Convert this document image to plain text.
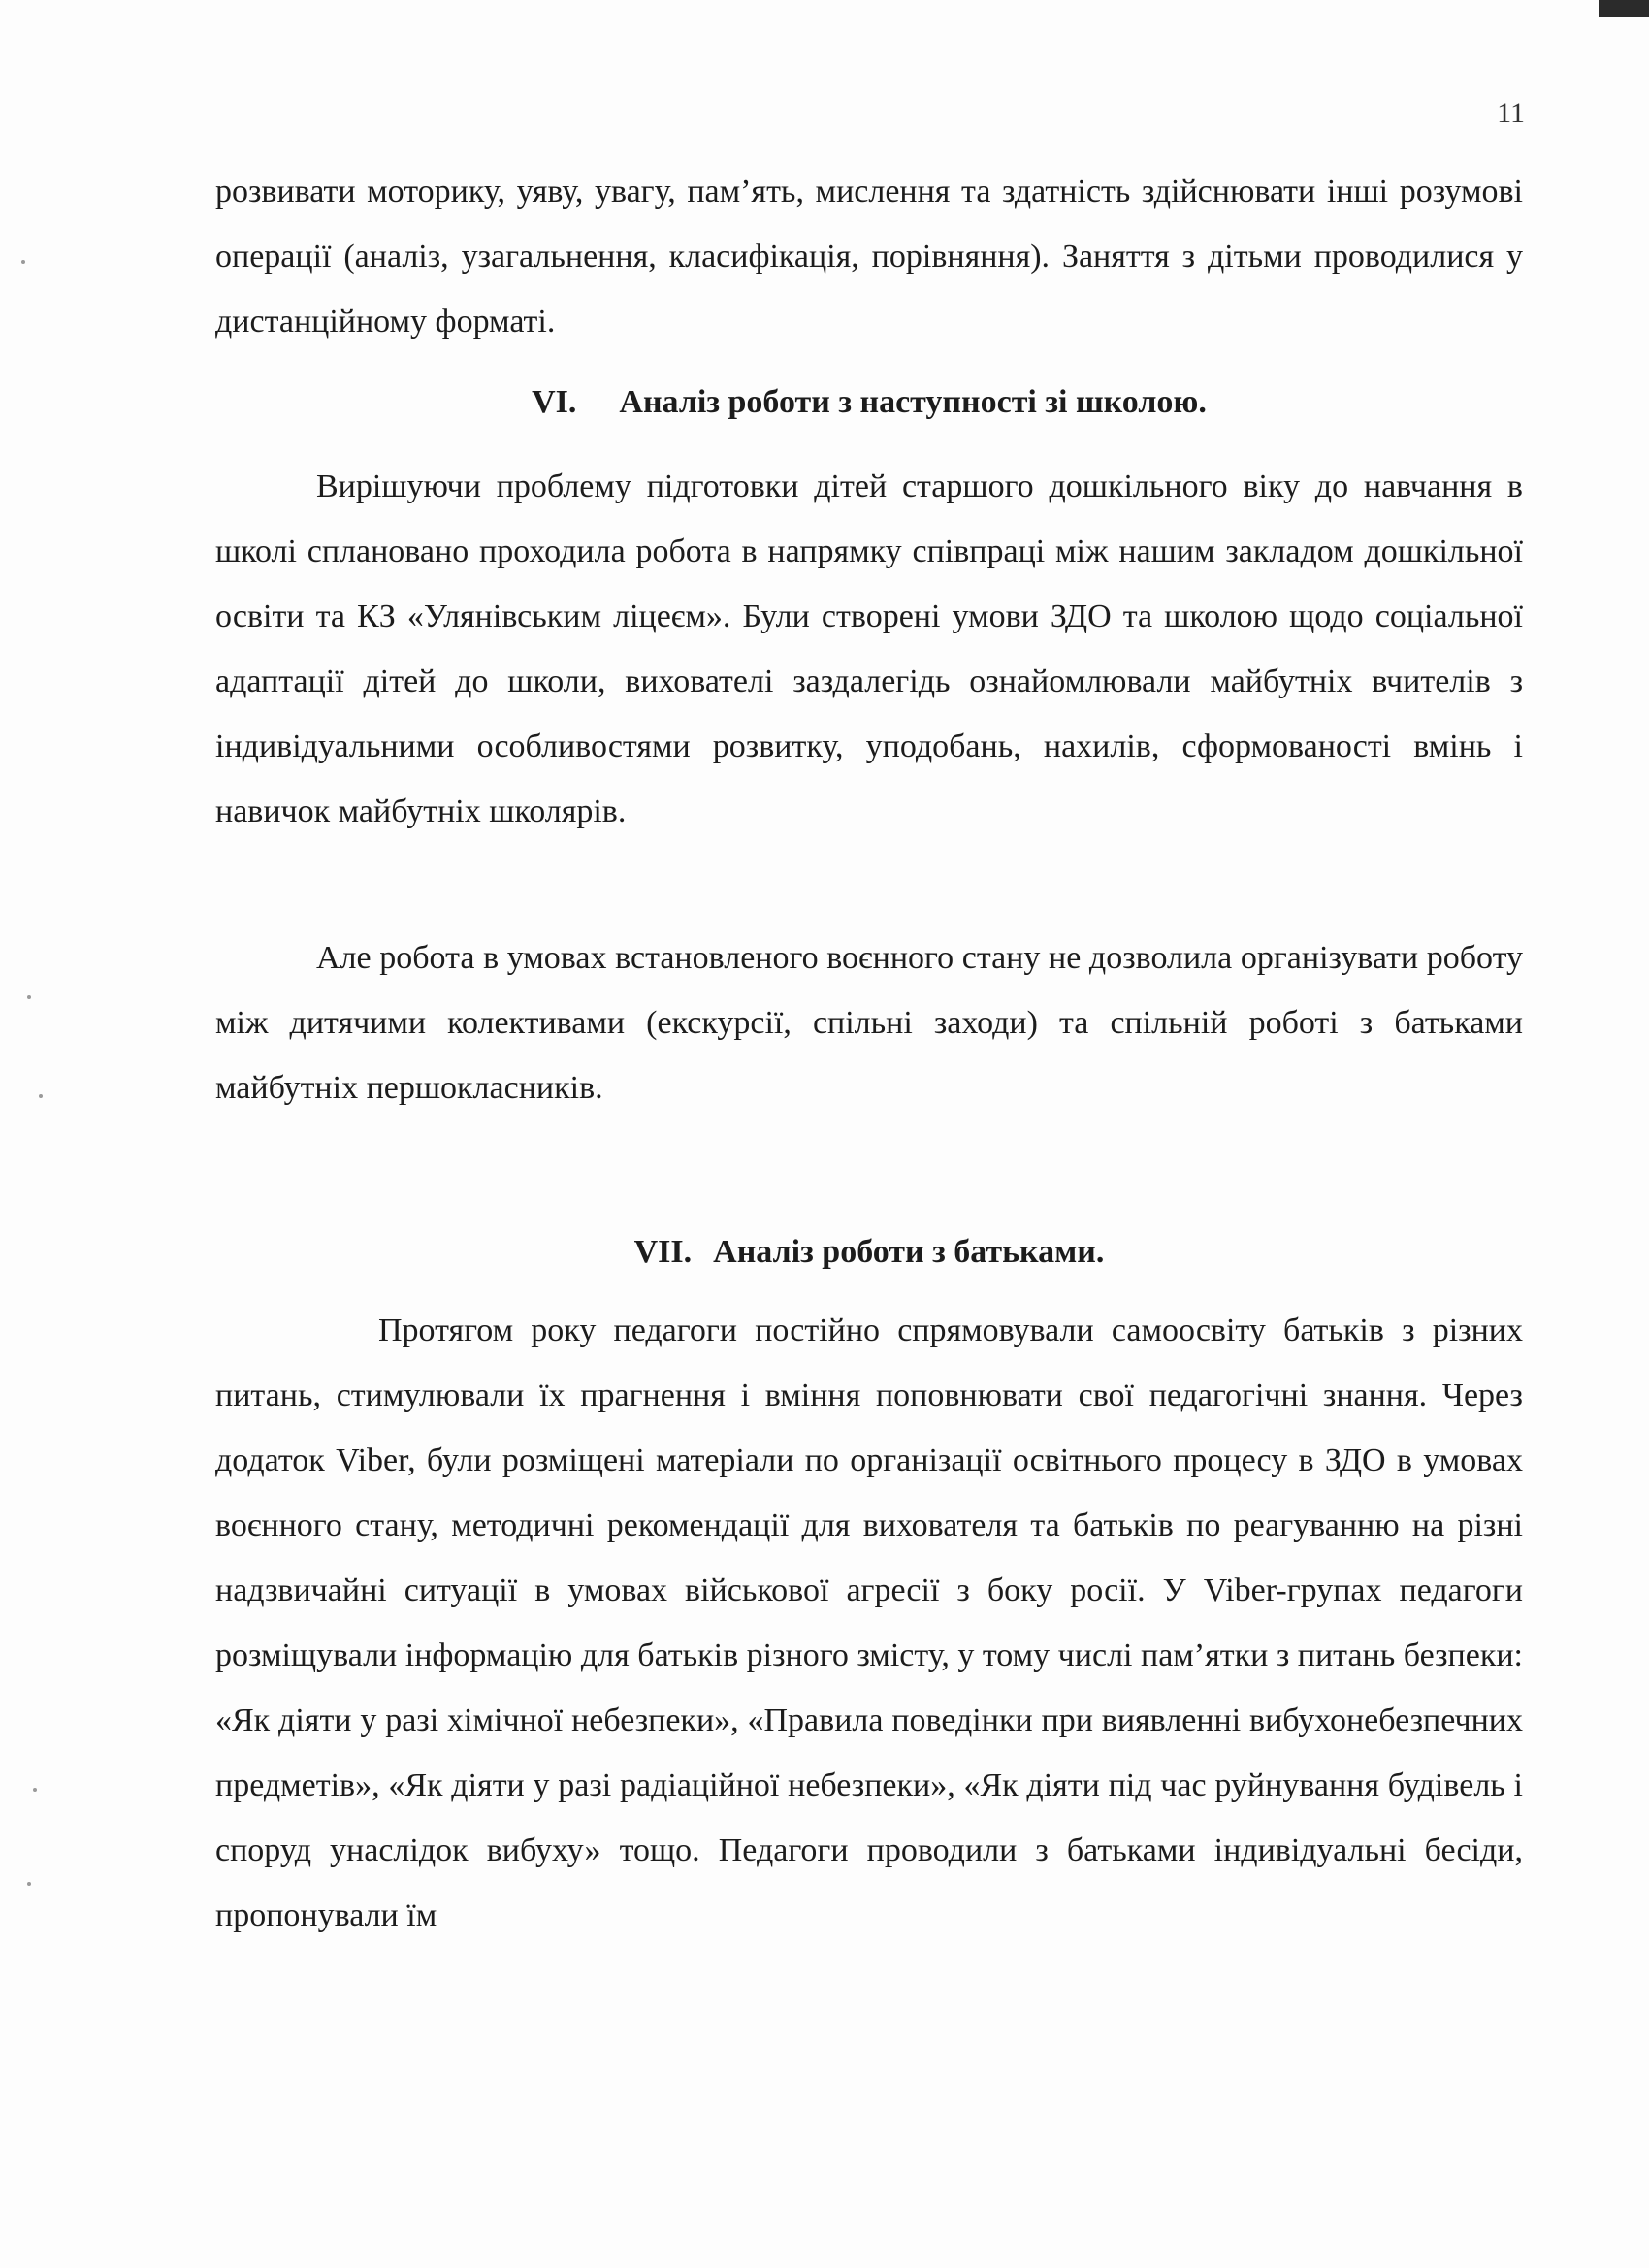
11

розвивати моторику, уяву, увагу, пам’ять, мислення та здатність здійснювати інші розумові операції (аналіз, узагальнення, класифікація, порівняння). Заняття з дітьми проводилися у дистанційному форматі.

VI. Аналіз роботи з наступності зі школою.

Вирішуючи проблему підготовки дітей старшого дошкільного віку до навчання в школі сплановано проходила робота в напрямку співпраці між нашим закладом дошкільної освіти та КЗ «Улянівським ліцеєм». Були створені умови ЗДО та школою щодо соціальної адаптації дітей до школи, вихователі заздалегідь ознайомлювали майбутніх вчителів з індивідуальними особливостями розвитку, уподобань, нахилів, сформованості вмінь і навичок майбутніх школярів.

Але робота в умовах встановленого воєнного стану не дозволила організувати роботу між дитячими колективами (екскурсії, спільні заходи) та спільній роботі з батьками майбутніх першокласників.

VII. Аналіз роботи з батьками.

Протягом року педагоги постійно спрямовували самоосвіту батьків з різних питань, стимулювали їх прагнення і вміння поповнювати свої педагогічні знання. Через додаток Viber, були розміщені матеріали по організації освітнього процесу в ЗДО в умовах воєнного стану, методичні рекомендації для вихователя та батьків по реагуванню на різні надзвичайні ситуації в умовах військової агресії з боку росії. У Viber-групах педагоги розміщували інформацію для батьків різного змісту, у тому числі пам’ятки з питань безпеки: «Як діяти у разі хімічної небезпеки», «Правила поведінки при виявленні вибухонебезпечних предметів», «Як діяти у разі радіаційної небезпеки», «Як діяти під час руйнування будівель і споруд унаслідок вибуху» тощо. Педагоги проводили з батьками індивідуальні бесіди, пропонували їм
